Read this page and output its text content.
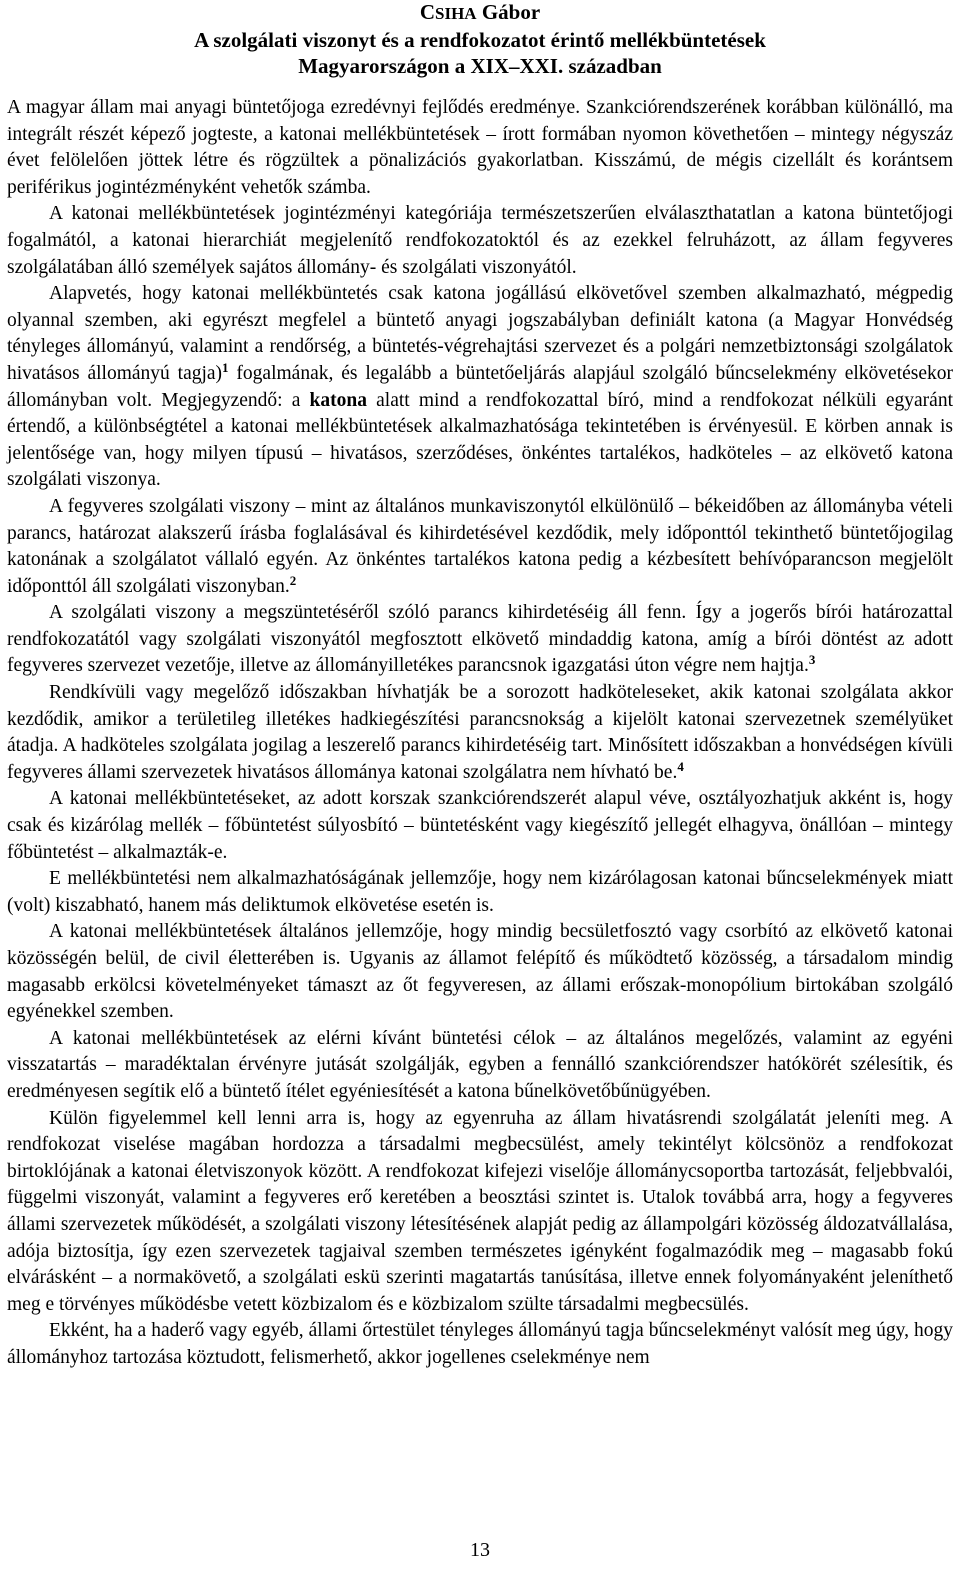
CSIHA Gábor
A szolgálati viszonyt és a rendfokozatot érintő mellékbüntetések
Magyarországon a XIX–XXI. században

A magyar állam mai anyagi büntetőjoga ezredévnyi fejlődés eredménye. Szankciórendszerének korábban különálló, ma integrált részét képező jogteste, a katonai mellékbüntetések – írott formában nyomon követhetően – mintegy négyszáz évet felölelően jöttek létre és rögzültek a pönalizációs gyakorlatban. Kisszámú, de mégis cizellált és korántsem periférikus jogintézményként vehetők számba.

A katonai mellékbüntetések jogintézményi kategóriája természetszerűen elválaszthatatlan a katona büntetőjogi fogalmától, a katonai hierarchiát megjelenítő rendfokozatoktól és az ezekkel felruházott, az állam fegyveres szolgálatában álló személyek sajátos állomány- és szolgálati viszonyától.

Alapvetés, hogy katonai mellékbüntetés csak katona jogállású elkövetővel szemben alkalmazható, mégpedig olyannal szemben, aki egyrészt megfelel a büntető anyagi jogszabályban definiált katona (a Magyar Honvédség tényleges állományú, valamint a rendőrség, a büntetés-végrehajtási szervezet és a polgári nemzetbiztonsági szolgálatok hivatásos állományú tagja)$^1$ fogalmának, és legalább a büntetőeljárás alapjául szolgáló bűncselekmény elkövetésekor állományban volt. Megjegyzendő: a katona alatt mind a rendfokozattal bíró, mind a rendfokozat nélküli egyaránt értendő, a különbségtétel a katonai mellékbüntetések alkalmazhatósága tekintetében is érvényesül. E körben annak is jelentősége van, hogy milyen típusú – hivatásos, szerződéses, önkéntes tartalékos, hadköteles – az elkövető katona szolgálati viszonya.

A fegyveres szolgálati viszony – mint az általános munkaviszonytól elkülönülő – békeidőben az állományba vételi parancs, határozat alakszerű írásba foglalásával és kihirdetésével kezdődik, mely időponttól tekinthető büntetőjogilag katonának a szolgálatot vállaló egyén. Az önkéntes tartalékos katona pedig a kézbesített behívóparancson megjelölt időponttól áll szolgálati viszonyban.$^2$

A szolgálati viszony a megszüntetéséről szóló parancs kihirdetéséig áll fenn. Így a jogerős bírói határozattal rendfokozatától vagy szolgálati viszonyától megfosztott elkövető mindaddig katona, amíg a bírói döntést az adott fegyveres szervezet vezetője, illetve az állományilletékes parancsnok igazgatási úton végre nem hajtja.$^3$

Rendkívüli vagy megelőző időszakban hívhatják be a sorozott hadköteleseket, akik katonai szolgálata akkor kezdődik, amikor a területileg illetékes hadkiegészítési parancsnokság a kijelölt katonai szervezetnek személyüket átadja. A hadköteles szolgálata jogilag a leszerelő parancs kihirdetéséig tart. Minősített időszakban a honvédségen kívüli fegyveres állami szervezetek hivatásos állománya katonai szolgálatra nem hívható be.$^4$

A katonai mellékbüntetéseket, az adott korszak szankciórendszerét alapul véve, osztályozhatjuk akként is, hogy csak és kizárólag mellék – főbüntetést súlyosbító – büntetésként vagy kiegészítő jellegét elhagyva, önállóan – mintegy főbüntetést – alkalmazták-e.

E mellékbüntetési nem alkalmazhatóságának jellemzője, hogy nem kizárólagosan katonai bűncselekmények miatt (volt) kiszabható, hanem más deliktumok elkövetése esetén is.

A katonai mellékbüntetések általános jellemzője, hogy mindig becsületfosztó vagy csorbító az elkövető katonai közösségén belül, de civil életterében is. Ugyanis az államot felépítő és működtető közösség, a társadalom mindig magasabb erkölcsi követelményeket támaszt az őt fegyveresen, az állami erőszak-monopólium birtokában szolgáló egyénekkel szemben.

A katonai mellékbüntetések az elérni kívánt büntetési célok – az általános megelőzés, valamint az egyéni visszatartás – maradéktalan érvényre jutását szolgálják, egyben a fennálló szankciórendszer hatókörét szélesítik, és eredményesen segítik elő a büntető ítélet egyéniesítését a katona bűnelkövetőbűnügyében.

Külön figyelemmel kell lenni arra is, hogy az egyenruha az állam hivatásrendi szolgálatát jeleníti meg. A rendfokozat viselése magában hordozza a társadalmi megbecsülést, amely tekintélyt kölcsönöz a rendfokozat birtoklójának a katonai életviszonyok között. A rendfokozat kifejezi viselője állománycsoportba tartozását, feljebbvalói, függelmi viszonyát, valamint a fegyveres erő keretében a beosztási szintet is. Utalok továbbá arra, hogy a fegyveres állami szervezetek működését, a szolgálati viszony létesítésének alapját pedig az állampolgári közösség áldozatvállalása, adója biztosítja, így ezen szervezetek tagjaival szemben természetes igényként fogalmazódik meg – magasabb fokú elvárásként – a normakövető, a szolgálati eskü szerinti magatartás tanúsítása, illetve ennek folyományaként jeleníthető meg e törvényes működésbe vetett közbizalom és e közbizalom szülte társadalmi megbecsülés.

Ekként, ha a haderő vagy egyéb, állami őrtestület tényleges állományú tagja bűncselekményt valósít meg úgy, hogy állományhoz tartozása köztudott, felismerhető, akkor jogellenes cselekménye nem

13
